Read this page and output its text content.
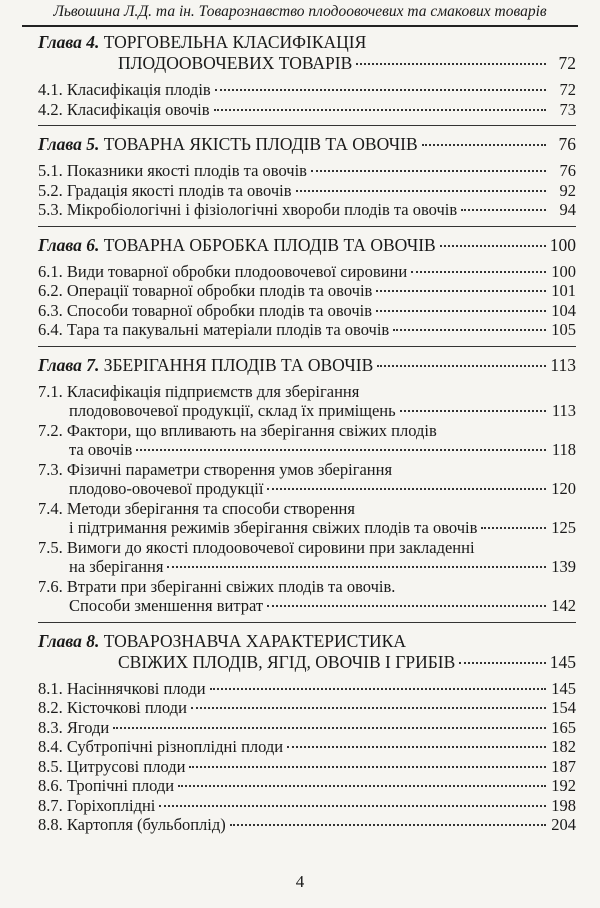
Львошина Л.Д. та ін. Товарознавство плодоовочевих та смакових товарів
Глава 4. ТОРГОВЕЛЬНА КЛАСИФІКАЦІЯ
ПЛОДООВОЧЕВИХ ТОВАРІВ	72
4.1. Класифікація плодів	72
4.2. Класифікація овочів	73
Глава 5. ТОВАРНА ЯКІСТЬ ПЛОДІВ ТА ОВОЧІВ	76
5.1. Показники якості плодів та овочів	76
5.2. Градація якості плодів та овочів	92
5.3. Мікробіологічні і фізіологічні хвороби плодів та овочів	94
Глава 6. ТОВАРНА ОБРОБКА ПЛОДІВ ТА ОВОЧІВ	100
6.1. Види товарної обробки плодоовочевої сировини	100
6.2. Операції товарної обробки плодів та овочів	101
6.3. Способи товарної обробки плодів та овочів	104
6.4. Тара та пакувальні матеріали плодів та овочів	105
Глава 7. ЗБЕРІГАННЯ ПЛОДІВ ТА ОВОЧІВ	113
7.1. Класифікація підприємств для зберігання
плодововочевої продукції, склад їх приміщень	113
7.2. Фактори, що впливають на зберігання свіжих плодів
та овочів	118
7.3. Фізичні параметри створення умов зберігання
плодово-овочевої продукції	120
7.4. Методи зберігання та способи створення
і підтримання режимів зберігання свіжих плодів та овочів	125
7.5. Вимоги до якості плодоовочевої сировини при закладенні
на зберігання	139
7.6. Втрати при зберіганні свіжих плодів та овочів.
Способи зменшення витрат	142
Глава 8. ТОВАРОЗНАВЧА ХАРАКТЕРИСТИКА
СВІЖИХ ПЛОДІВ, ЯГІД, ОВОЧІВ І ГРИБІВ	145
8.1. Насіннячкові плоди	145
8.2. Кісточкові плоди	154
8.3. Ягоди	165
8.4. Субтропічні різноплідні плоди	182
8.5. Цитрусові плоди	187
8.6. Тропічні плоди	192
8.7. Горіхоплідні	198
8.8. Картопля (бульбоплід)	204
4
